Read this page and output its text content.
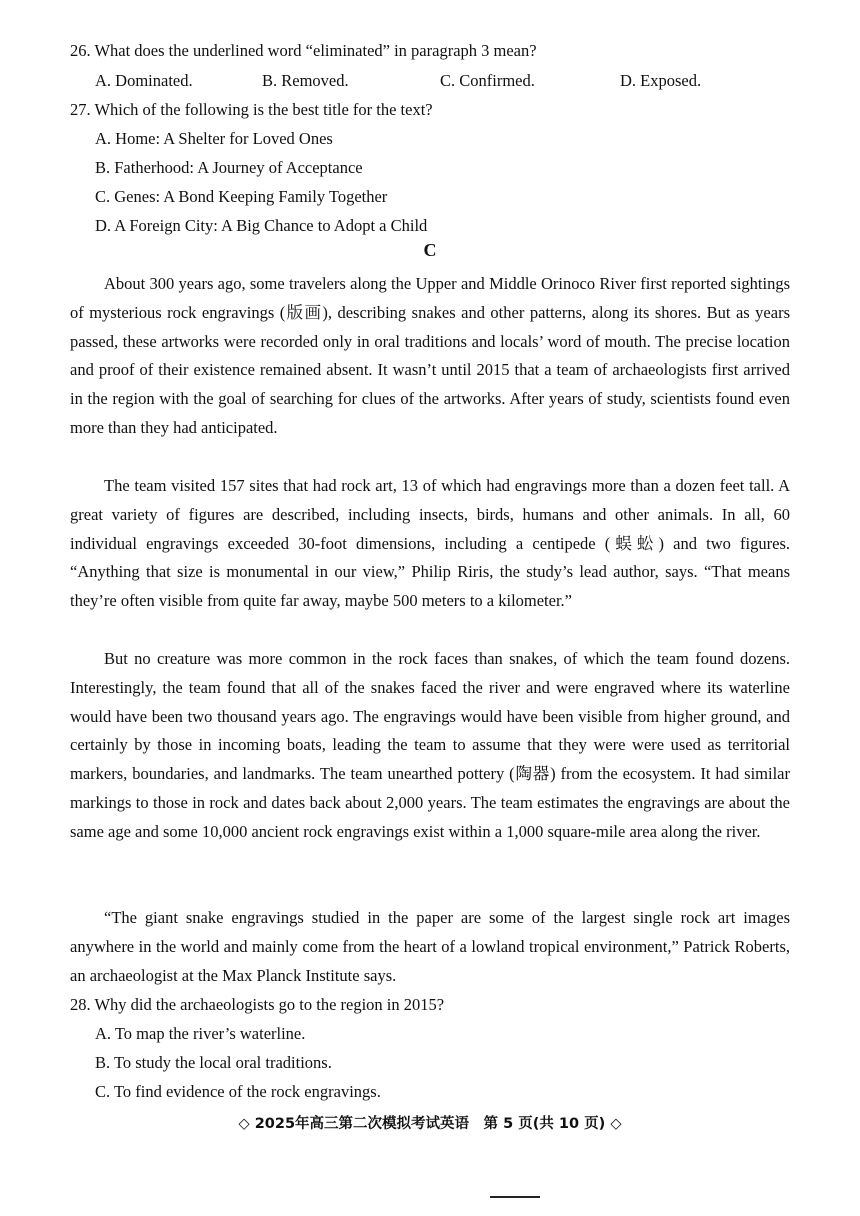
26. What does the underlined word “eliminated” in paragraph 3 mean?
A. Dominated.	B. Removed.	C. Confirmed.	D. Exposed.
27. Which of the following is the best title for the text?
A. Home: A Shelter for Loved Ones
B. Fatherhood: A Journey of Acceptance
C. Genes: A Bond Keeping Family Together
D. A Foreign City: A Big Chance to Adopt a Child
C
About 300 years ago, some travelers along the Upper and Middle Orinoco River first reported sightings of mysterious rock engravings (版画), describing snakes and other patterns, along its shores. But as years passed, these artworks were recorded only in oral traditions and locals’ word of mouth. The precise location and proof of their existence remained absent. It wasn’t until 2015 that a team of archaeologists first arrived in the region with the goal of searching for clues of the artworks. After years of study, scientists found even more than they had anticipated.
The team visited 157 sites that had rock art, 13 of which had engravings more than a dozen feet tall. A great variety of figures are described, including insects, birds, humans and other animals. In all, 60 individual engravings exceeded 30-foot dimensions, including a centipede (蜈蚣) and two figures. “Anything that size is monumental in our view,” Philip Riris, the study’s lead author, says. “That means they’re often visible from quite far away, maybe 500 meters to a kilometer.”
But no creature was more common in the rock faces than snakes, of which the team found dozens. Interestingly, the team found that all of the snakes faced the river and were engraved where its waterline would have been two thousand years ago. The engravings would have been visible from higher ground, and certainly by those in incoming boats, leading the team to assume that they were were used as territorial markers, boundaries, and landmarks. The team unearthed pottery (陶器) from the ecosystem. It had similar markings to those in rock and dates back about 2,000 years. The team estimates the engravings are about the same age and some 10,000 ancient rock engravings exist within a 1,000 square-mile area along the river.
“The giant snake engravings studied in the paper are some of the largest single rock art images anywhere in the world and mainly come from the heart of a lowland tropical environment,” Patrick Roberts, an archaeologist at the Max Planck Institute says.
28. Why did the archaeologists go to the region in 2015?
A. To map the river’s waterline.
B. To study the local oral traditions.
C. To find evidence of the rock engravings.
◇ 2025年高三第二次模拟考试英语　第 5 页(共 10 页) ◇
